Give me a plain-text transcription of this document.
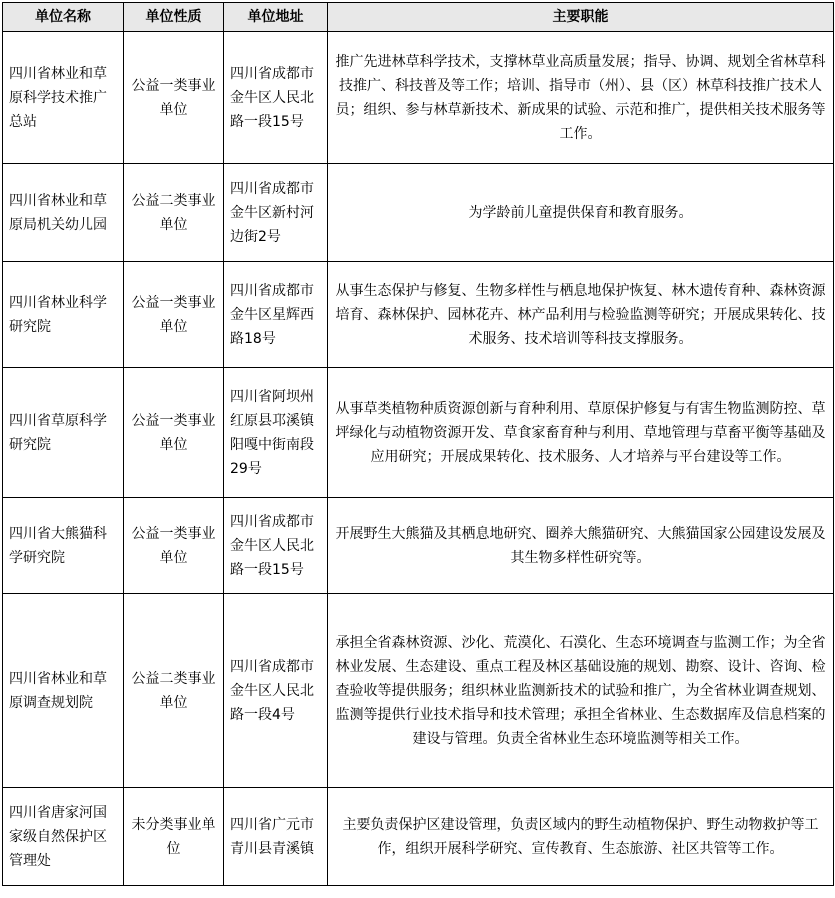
单位名称	单位性质	单位地址	主要职能
四川省林业和草原科学技术推广总站	公益一类事业单位	四川省成都市金牛区人民北路一段15号	推广先进林草科学技术，支撑林草业高质量发展；指导、协调、规划全省林草科技推广、科技普及等工作；培训、指导市（州）、县（区）林草科技推广技术人员；组织、参与林草新技术、新成果的试验、示范和推广，提供相关技术服务等工作。
四川省林业和草原局机关幼儿园	公益二类事业单位	四川省成都市金牛区新村河边街2号	为学龄前儿童提供保育和教育服务。
四川省林业科学研究院	公益一类事业单位	四川省成都市金牛区星辉西路18号	从事生态保护与修复、生物多样性与栖息地保护恢复、林木遗传育种、森林资源培育、森林保护、园林花卉、林产品利用与检验监测等研究；开展成果转化、技术服务、技术培训等科技支撑服务。
四川省草原科学研究院	公益一类事业单位	四川省阿坝州红原县邛溪镇阳嘎中街南段29号	从事草类植物种质资源创新与育种利用、草原保护修复与有害生物监测防控、草坪绿化与动植物资源开发、草食家畜育种与利用、草地管理与草畜平衡等基础及应用研究；开展成果转化、技术服务、人才培养与平台建设等工作。
四川省大熊猫科学研究院	公益一类事业单位	四川省成都市金牛区人民北路一段15号	开展野生大熊猫及其栖息地研究、圈养大熊猫研究、大熊猫国家公园建设发展及其生物多样性研究等。
四川省林业和草原调查规划院	公益二类事业单位	四川省成都市金牛区人民北路一段4号	承担全省森林资源、沙化、荒漠化、石漠化、生态环境调查与监测工作；为全省林业发展、生态建设、重点工程及林区基础设施的规划、勘察、设计、咨询、检查验收等提供服务；组织林业监测新技术的试验和推广，为全省林业调查规划、监测等提供行业技术指导和技术管理；承担全省林业、生态数据库及信息档案的建设与管理。负责全省林业生态环境监测等相关工作。
四川省唐家河国家级自然保护区管理处	未分类事业单位	四川省广元市青川县青溪镇	主要负责保护区建设管理，负责区域内的野生动植物保护、野生动物救护等工作，组织开展科学研究、宣传教育、生态旅游、社区共管等工作。
